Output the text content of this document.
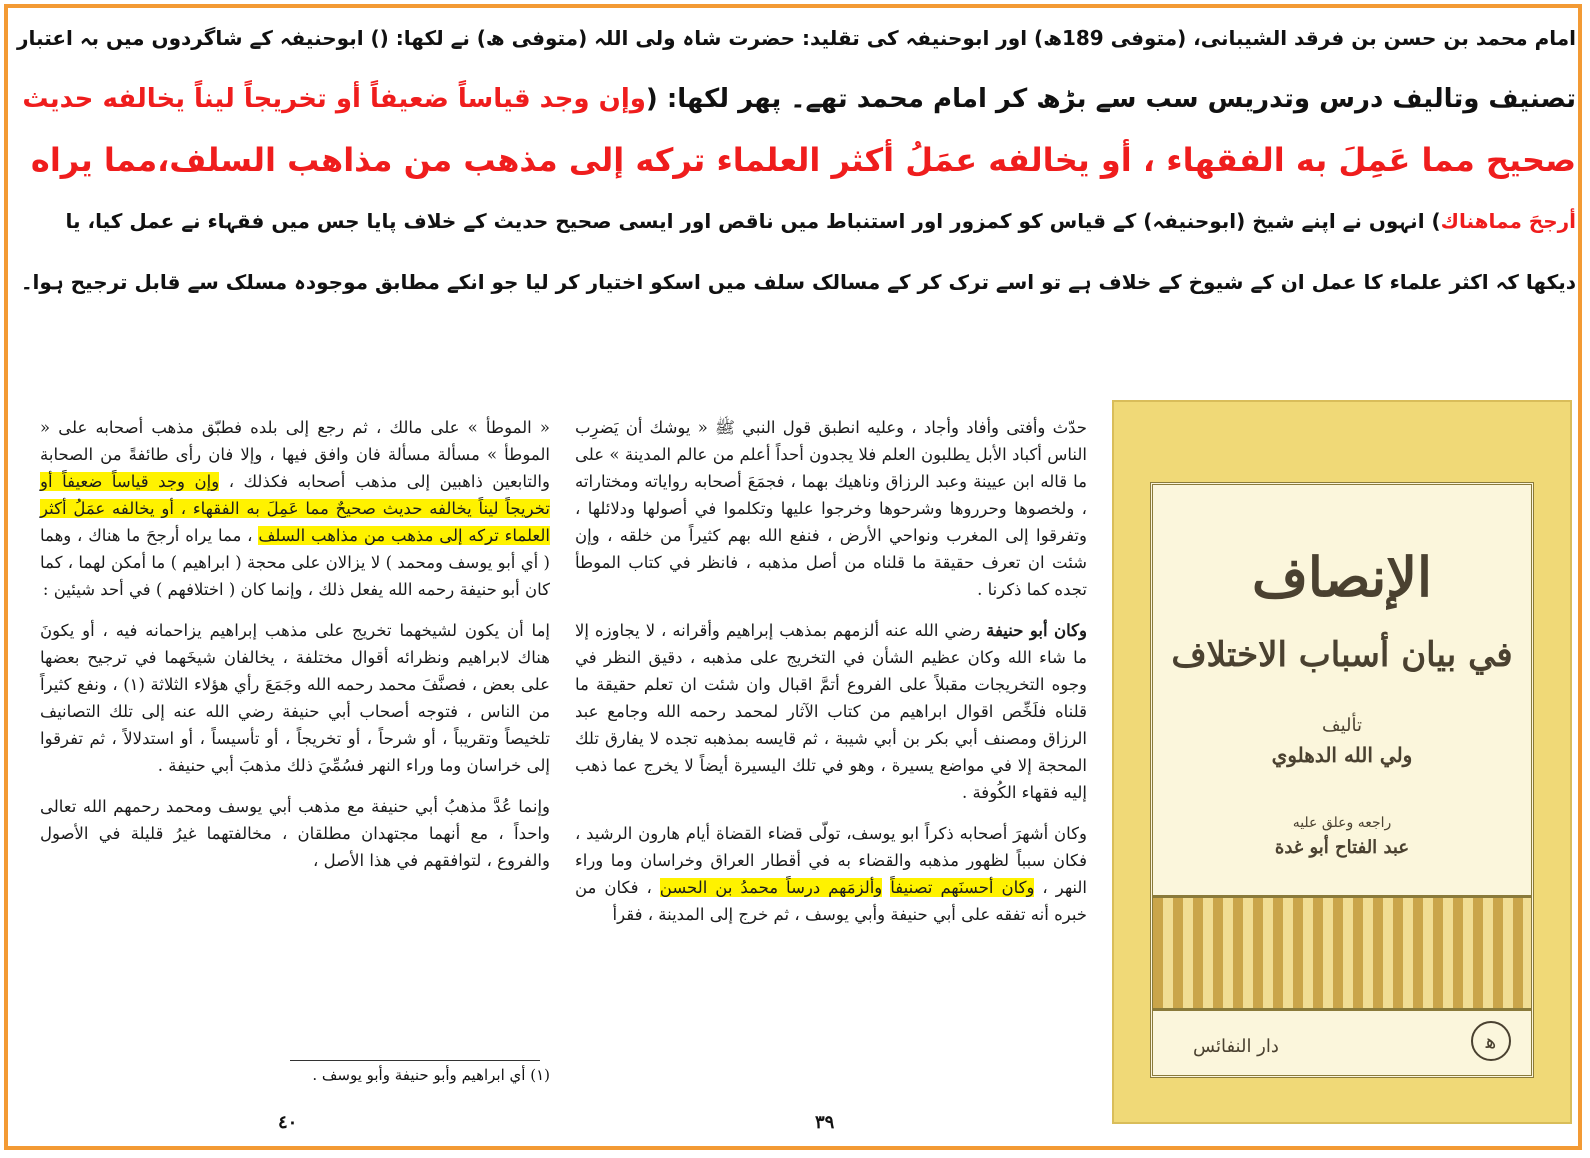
امام محمد بن حسن بن فرقد الشیبانی، (متوفی 189ھ) اور ابوحنیفہ کی تقلید: حضرت شاہ ولی اللہ (متوفی ھ) نے لکھا: () ابوحنیفہ کے شاگردوں میں بہ اعتبار
تصنیف وتالیف درس وتدریس سب سے بڑھ کر امام محمد تھے۔ پھر لکھا: (وإن وجد قياساً ضعيفاً أو تخريجاً ليناً يخالفه حديث
صحيح مما عَمِلَ به الفقهاء ، أو يخالفه عمَلُ أكثر العلماء تركه إلى مذهب من مذاهب السلف،مما يراه
أرجحَ مماهناك) انہوں نے اپنے شیخ (ابوحنیفہ) کے قیاس کو کمزور اور استنباط میں ناقص اور ایسی صحیح حدیث کے خلاف پایا جس میں فقہاء نے عمل کیا، یا
دیکھا کہ اکثر علماء کا عمل ان کے شیوخ کے خلاف ہے تو اسے ترک کر کے مسالک سلف میں اسکو اختیار کر لیا جو انکے مطابق موجودہ مسلک سے قابل ترجیح ہوا۔

« الموطأ » على مالك ، ثم رجع إلى بلده فطبّق مذهب أصحابه على « الموطأ » مسألة مسألة فان وافق فيها ، وإلا فان رأى طائفةً من الصحابة والتابعين ذاهبين إلى مذهب أصحابه فكذلك ، وإن وجد قياساً ضعيفاً أو تخريجاً ليناً يخالفه حديث صحيحٌ مما عَمِلَ به الفقهاء ، أو يخالفه عمَلُ أكثر العلماء تركه إلى مذهب من مذاهب السلف ، مما يراه أرجحَ ما هناك ، وهما ( أي أبو يوسف ومحمد ) لا يزالان على محجة ( ابراهيم ) ما أمكن لهما ، كما كان أبو حنيفة رحمه الله يفعل ذلك ، وإنما كان ( اختلافهم ) في أحد شيئين :

إما أن يكون لشيخهما تخريج على مذهب إبراهيم يزاحمانه فيه ، أو يكونَ هناك لابراهيم ونظرائه أقوال مختلفة ، يخالفان شيخَهما في ترجيح بعضها على بعض ، فصنَّفَ محمد رحمه الله وجَمَعَ رأي هؤلاء الثلاثة (١) ، ونفع كثيراً من الناس ، فتوجه أصحاب أبي حنيفة رضي الله عنه إلى تلك التصانيف تلخيصاً وتقريباً ، أو شرحاً ، أو تخريجاً ، أو تأسيساً ، أو استدلالاً ، ثم تفرقوا إلى خراسان وما وراء النهر فسُمِّيَ ذلك مذهبَ أبي حنيفة .

وإنما عُدَّ مذهبُ أبي حنيفة مع مذهب أبي يوسف ومحمد رحمهم الله تعالى واحداً ، مع أنهما مجتهدان مطلقان ، مخالفتهما غيرُ قليلة في الأصول والفروع ، لتوافقهم في هذا الأصل ،

(١) أي ابراهيم وأبو حنيفة وأبو يوسف .
٤٠

حدّث وأفتى وأفاد وأجاد ، وعليه انطبق قول النبي ﷺ « يوشك أن يَضرِب الناس أكباد الأبل يطلبون العلم فلا يجدون أحداً أعلم من عالم المدينة » على ما قاله ابن عيينة وعبد الرزاق وناهيك بهما ، فجمَعَ أصحابه رواياته ومختاراته ، ولخصوها وحرروها وشرحوها وخرجوا عليها وتكلموا في أصولها ودلائلها ، وتفرقوا إلى المغرب ونواحي الأرض ، فنفع الله بهم كثيراً من خلقه ، وإن شئت ان تعرف حقيقة ما قلناه من أصل مذهبه ، فانظر في كتاب الموطأ تجده كما ذكرنا .

وكان أبو حنيفة رضي الله عنه ألزمهم بمذهب إبراهيم وأقرانه ، لا يجاوزه إلا ما شاء الله وكان عظيم الشأن في التخريج على مذهبه ، دقيق النظر في وجوه التخريجات مقبلاً على الفروع أتمَّ اقبال وان شئت ان تعلم حقيقة ما قلناه فلَخِّص اقوال ابراهيم من كتاب الآثار لمحمد رحمه الله وجامع عبد الرزاق ومصنف أبي بكر بن أبي شيبة ، ثم قايسه بمذهبه تجده لا يفارق تلك المحجة إلا في مواضع يسيرة ، وهو في تلك اليسيرة أيضاً لا يخرج عما ذهب إليه فقهاء الكُوفة .

وكان أشهرَ أصحابه ذكراً ابو يوسف، تولّى قضاء القضاة أيام هارون الرشيد ، فكان سبباً لظهور مذهبه والقضاء به في أقطار العراق وخراسان وما وراء النهر ، وكان أحسنَهم تصنيفاً وألزمَهم درساً محمدُ بن الحسن ، فكان من خبره أنه تفقه على أبي حنيفة وأبي يوسف ، ثم خرج إلى المدينة ، فقرأ

٣٩
الإنصاف
في بيان أسباب الاختلاف
تأليف
ولي الله الدهلوي
راجعه وعلق عليه
عبد الفتاح أبو غدة
ﻫ
دار النفائس
